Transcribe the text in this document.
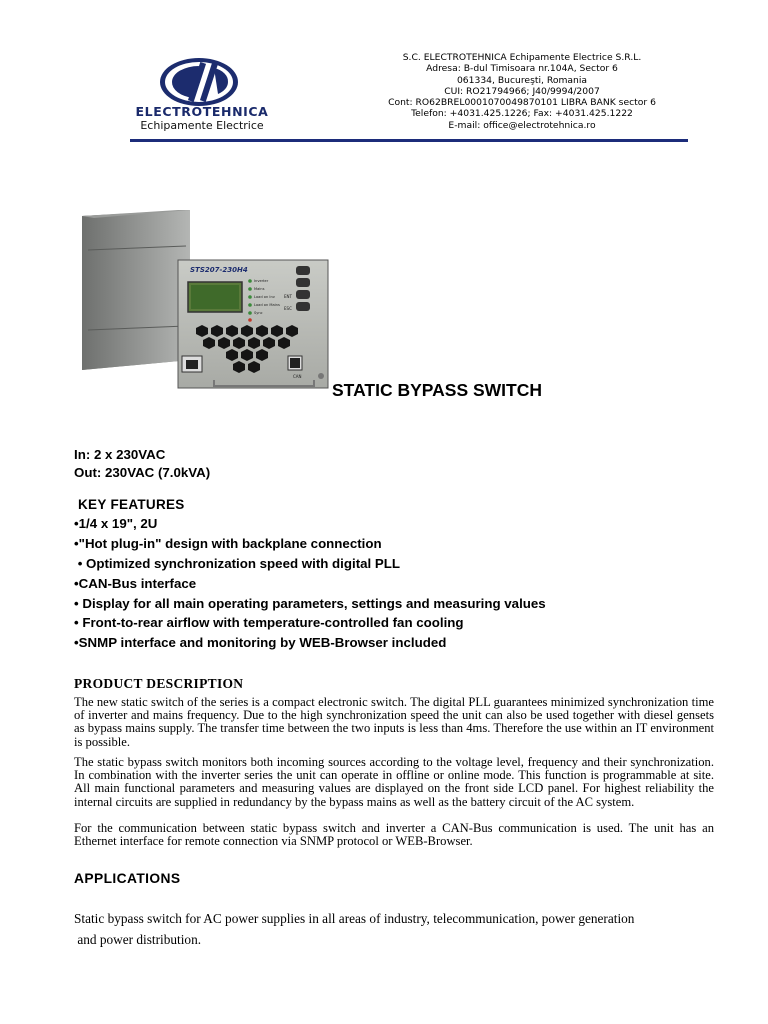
ELECTROTEHNICA
Echipamente Electrice
S.C. ELECTROTEHNICA Echipamente Electrice S.R.L.
Adresa: B-dul Timisoara nr.104A, Sector 6
061334, Bucureşti, Romania
CUI: RO21794966; J40/9994/2007
Cont: RO62BREL0001070049870101 LIBRA BANK sector 6
Telefon: +4031.425.1226; Fax: +4031.425.1222
E-mail: office@electrotehnica.ro
STS207-230H4
Inverter
Mains
Load on Inv
Load on Mains
Sync
ENT
ESC
CAN
STATIC BYPASS SWITCH
In: 2 x 230VAC
Out: 230VAC (7.0kVA)
KEY FEATURES
•1/4 x 19", 2U
•"Hot plug-in" design with backplane connection
• Optimized synchronization speed with digital PLL
•CAN-Bus interface
• Display for all main operating parameters, settings and measuring values
• Front-to-rear airflow with temperature-controlled fan cooling
•SNMP interface and monitoring by WEB-Browser included
PRODUCT DESCRIPTION
The new static switch of the series is a compact electronic switch. The digital PLL guarantees minimized synchronization time of inverter and mains frequency. Due to the high synchronization speed the unit can also be used together with diesel gensets as bypass mains supply. The transfer time between the two inputs is less than 4ms. Therefore the use within an IT environment is possible.
The static bypass switch monitors both incoming sources according to the voltage level, frequency and their synchronization. In combination with the inverter series the unit can operate in offline or online mode. This function is programmable at site. All main functional parameters and measuring values are displayed on the front side LCD panel. For highest reliability the internal circuits are supplied in redundancy by the bypass mains as well as the battery circuit of the AC system.
For the communication between static bypass switch and inverter a CAN-Bus communication is used. The unit has an Ethernet interface for remote connection via SNMP protocol or WEB-Browser.
APPLICATIONS
Static bypass switch for AC power supplies in all areas of industry, telecommunication, power generation
and power distribution.
